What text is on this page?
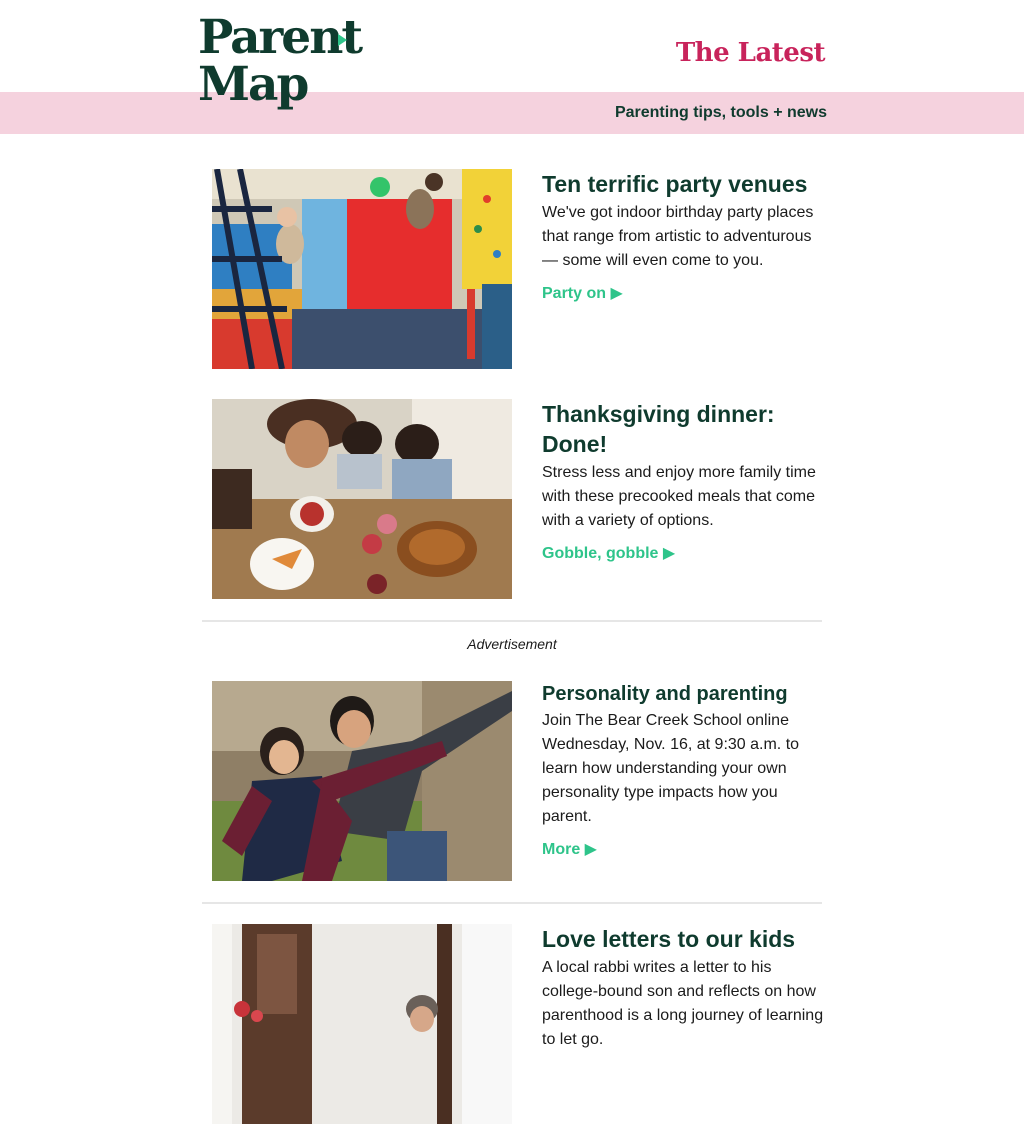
Parent
Map
The Latest
Parenting tips, tools + news
Ten terrific party venues

We've got indoor birthday party places that range from artistic to adventurous — some will even come to you.

Party on ▶
Thanksgiving dinner: Done!

Stress less and enjoy more family time with these precooked meals that come with a variety of options.

Gobble, gobble ▶
Advertisement
Personality and parenting

Join The Bear Creek School online Wednesday, Nov. 16, at 9:30 a.m. to learn how understanding your own personality type impacts how you parent.

More ▶
Love letters to our kids

A local rabbi writes a letter to his college-bound son and reflects on how parenthood is a long journey of learning to let go.
